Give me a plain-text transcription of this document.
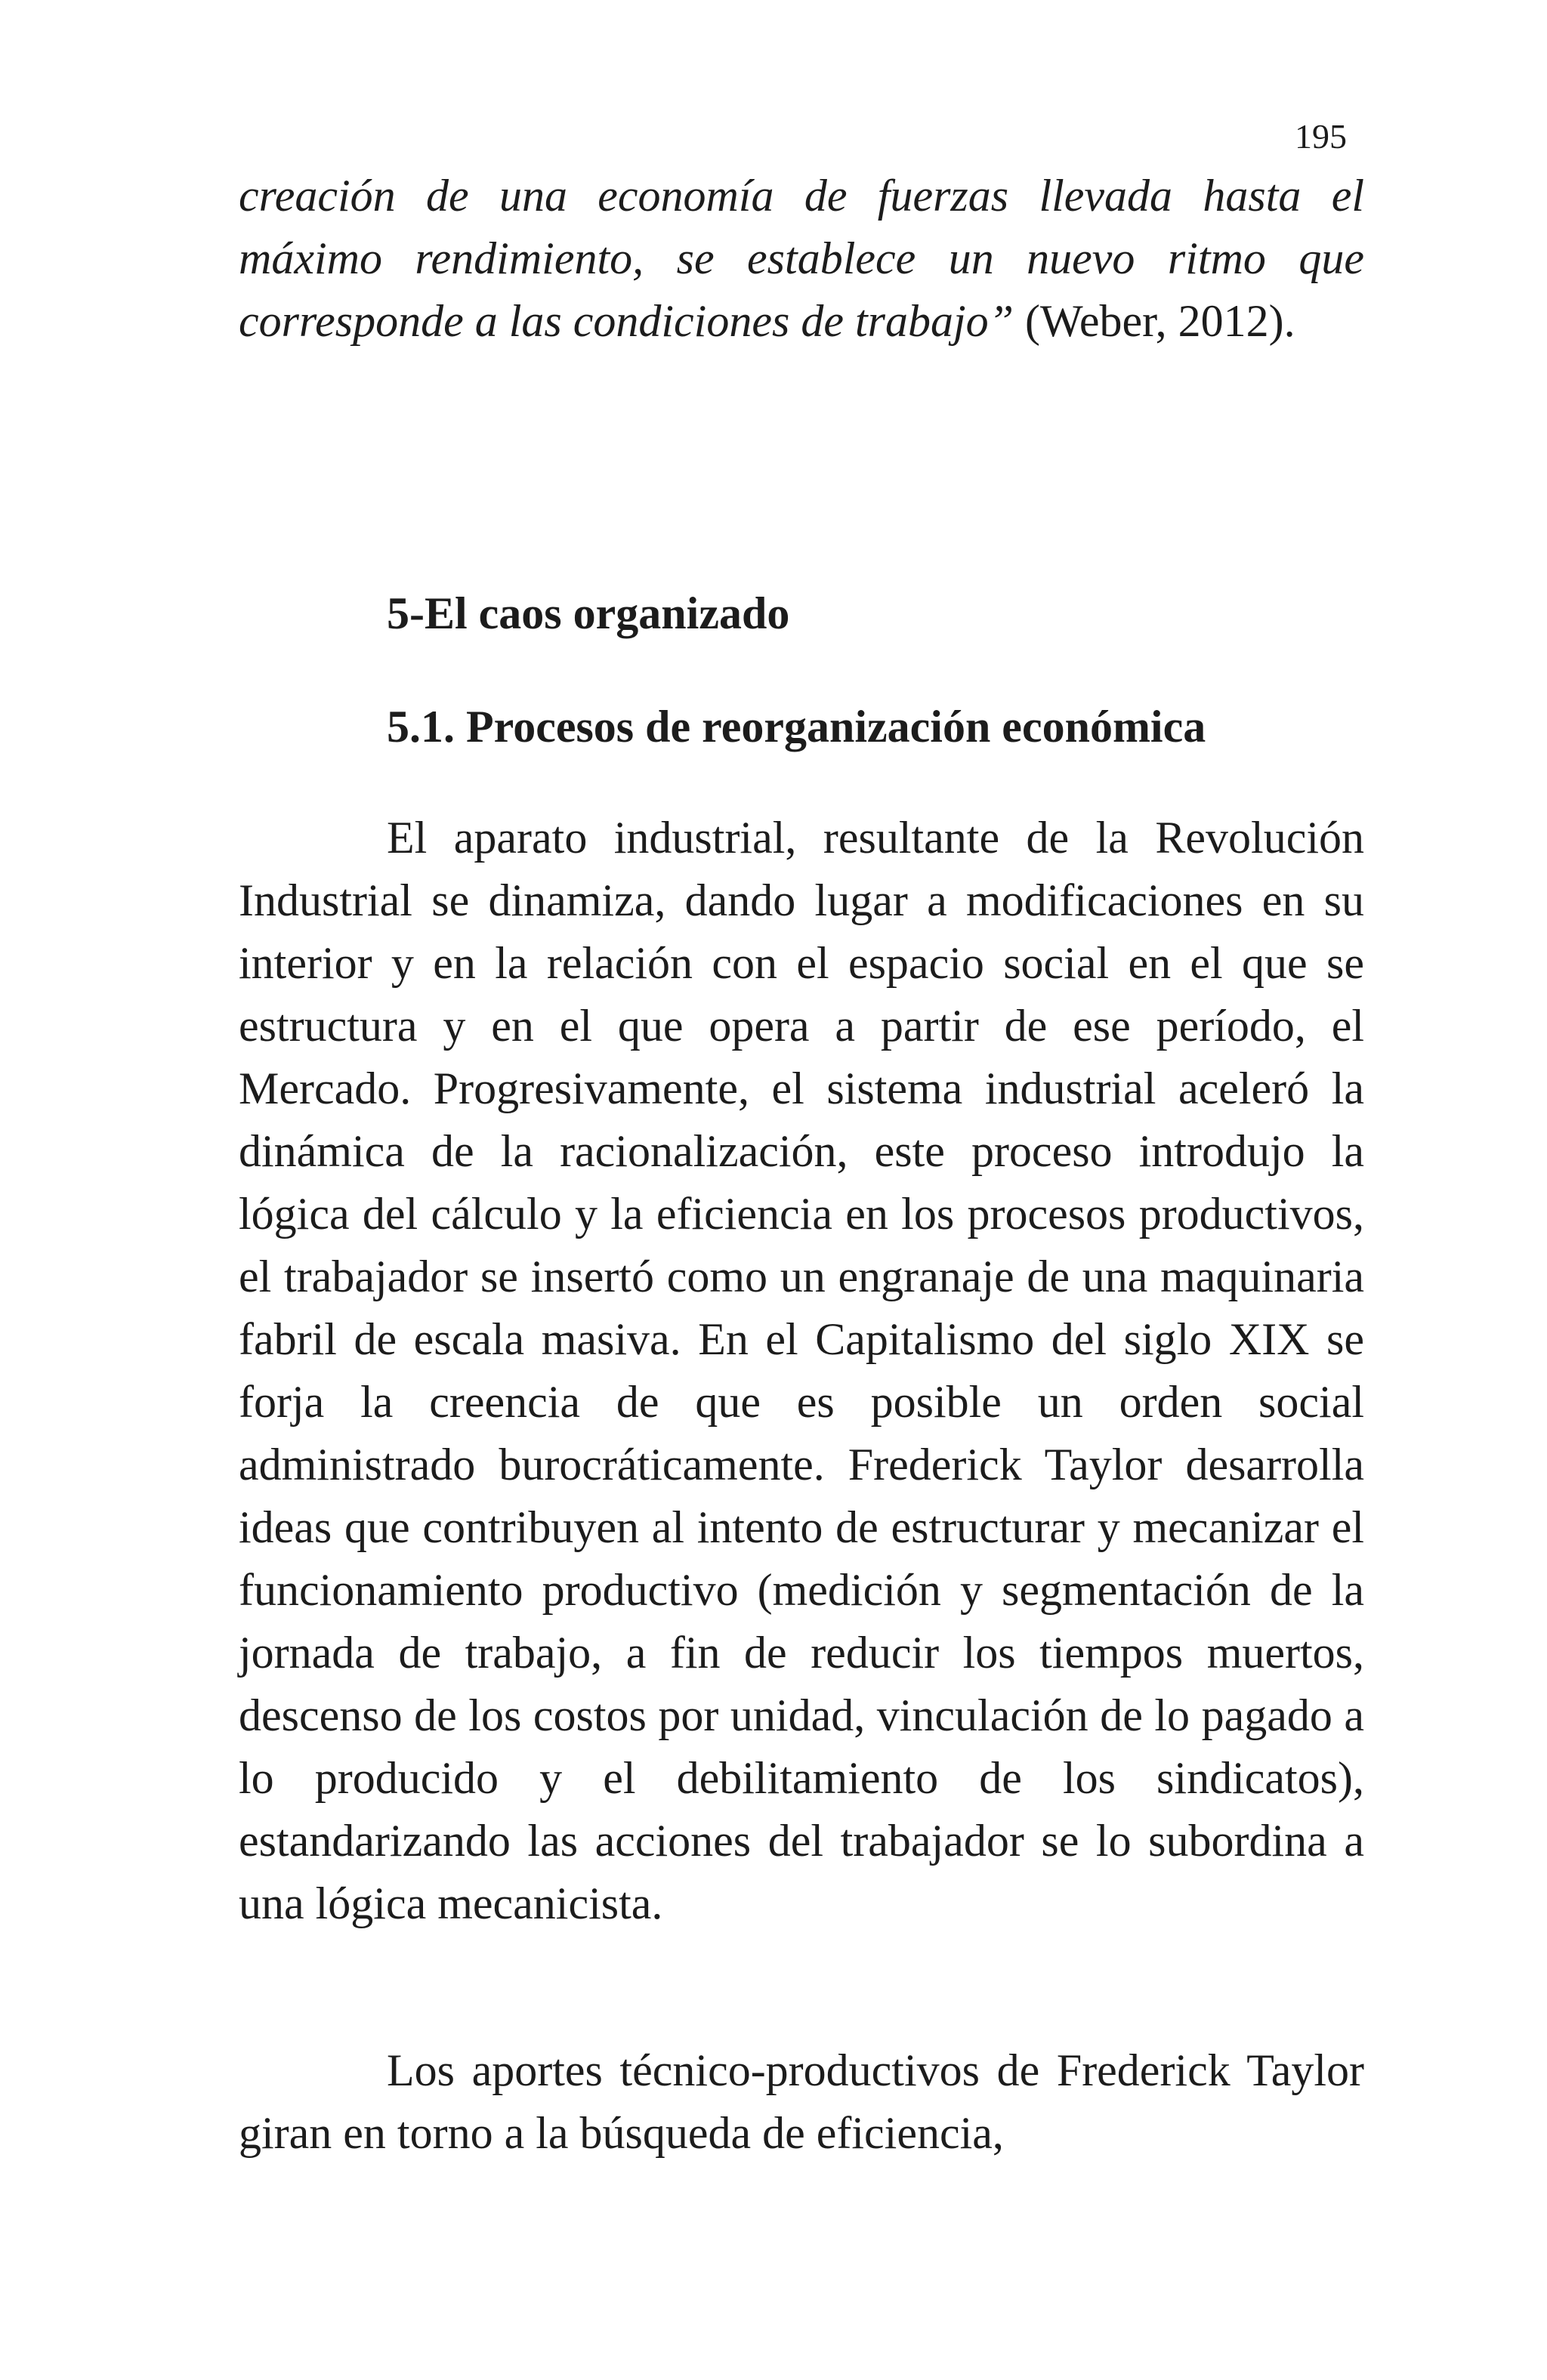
195

creación de una economía de fuerzas llevada hasta el máximo rendimiento, se establece un nuevo ritmo que corresponde a las condiciones de trabajo” (Weber, 2012).

5-El caos organizado
5.1. Procesos de reorganización económica

El aparato industrial, resultante de la Revolución Industrial se dinamiza, dando lugar a modificaciones en su interior y en la relación con el espacio social en el que se estructura y en el que opera a partir de ese período, el Mercado. Progresivamente, el sistema industrial aceleró la dinámica de la racionalización, este proceso introdujo la lógica del cálculo y la eficiencia en los procesos productivos, el trabajador se insertó como un engranaje de una maquinaria fabril de escala masiva. En el Capitalismo del siglo XIX se forja la creencia de que es posible un orden social administrado burocráticamente. Frederick Taylor desarrolla ideas que contribuyen al intento de estructurar y mecanizar el funcionamiento productivo (medición y segmentación de la jornada de trabajo, a fin de reducir los tiempos muertos, descenso de los costos por unidad, vinculación de lo pagado a lo producido y el debilitamiento de los sindicatos), estandarizando las acciones del trabajador se lo subordina a una lógica mecanicista.

Los aportes técnico-productivos de Frederick Taylor giran en torno a la búsqueda de eficiencia,
